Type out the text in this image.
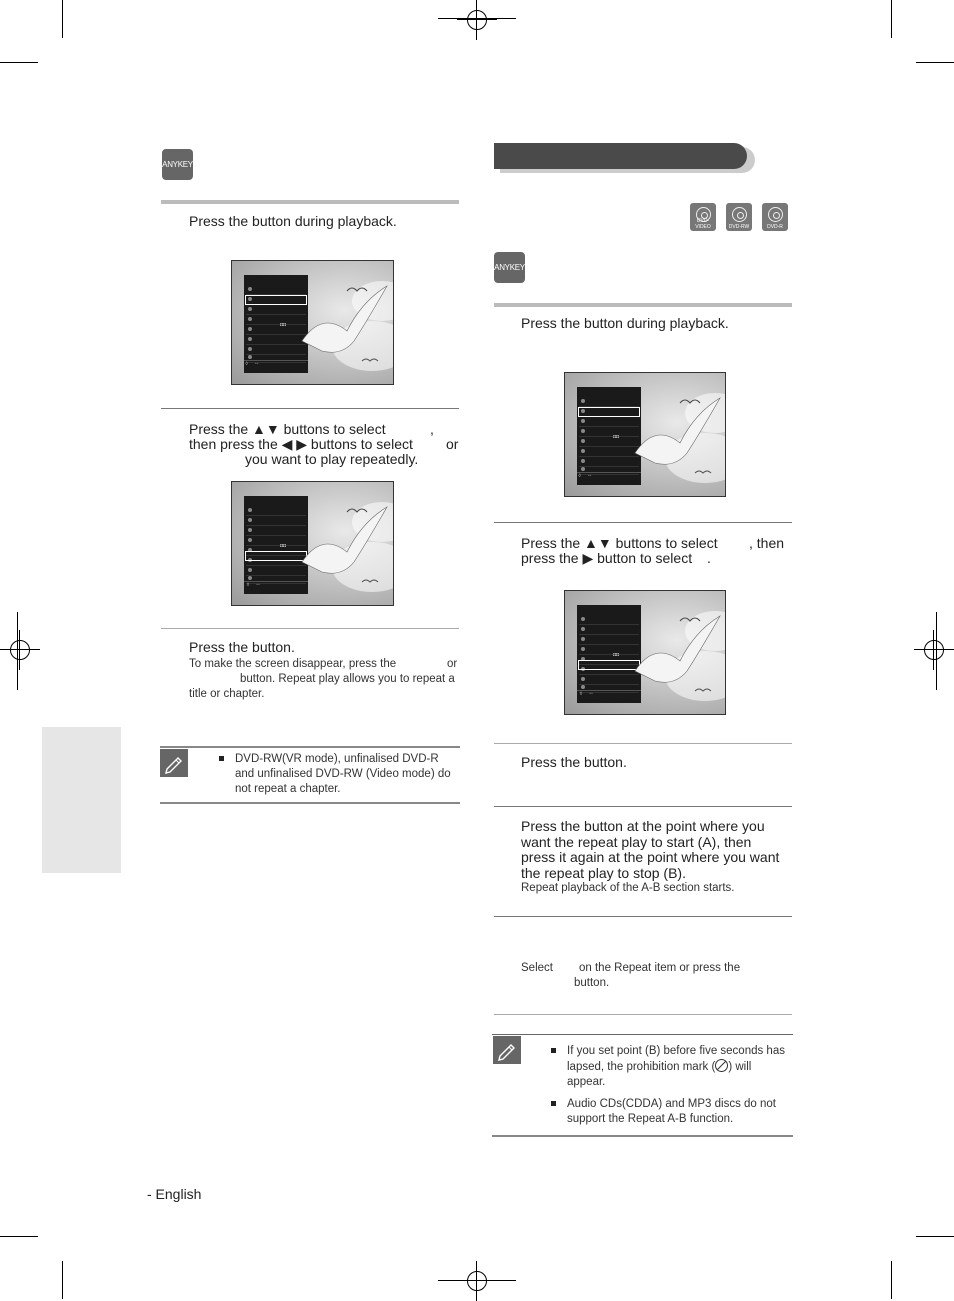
ANYKEY
Press the button during playback.
◘◘
◊     ◦◦
Press the ▲▼ buttons to select	,
then press the ◀ ▶ buttons to select or
you want to play repeatedly.
◘◘
◊     ◦◦
Press the button.
To make the screen disappear, press the	or
button. Repeat play allows you to repeat a
title or chapter.
DVD-RW(VR mode), unfinalised DVD-R and unfinalised DVD-RW (Video mode) do not repeat a chapter.
DVD-VIDEO	DVD-RW	DVD-R
ANYKEY
Press the button during playback.
◘◘
◊     ◦◦
Press the ▲▼ buttons to select , then
press the ▶ button to select .
◘◘
◊     ◦◦
Press the button.
Press the button at the point where you want the repeat play to start (A), then press it again at the point where you want the repeat play to stop (B).
Repeat playback of the A-B section starts.
Select on the Repeat item or press the
button.
If you set point (B) before five seconds has lapsed, the prohibition mark ( ) will appear.
Audio CDs(CDDA) and MP3 discs do not support the Repeat A-B function.
- English
